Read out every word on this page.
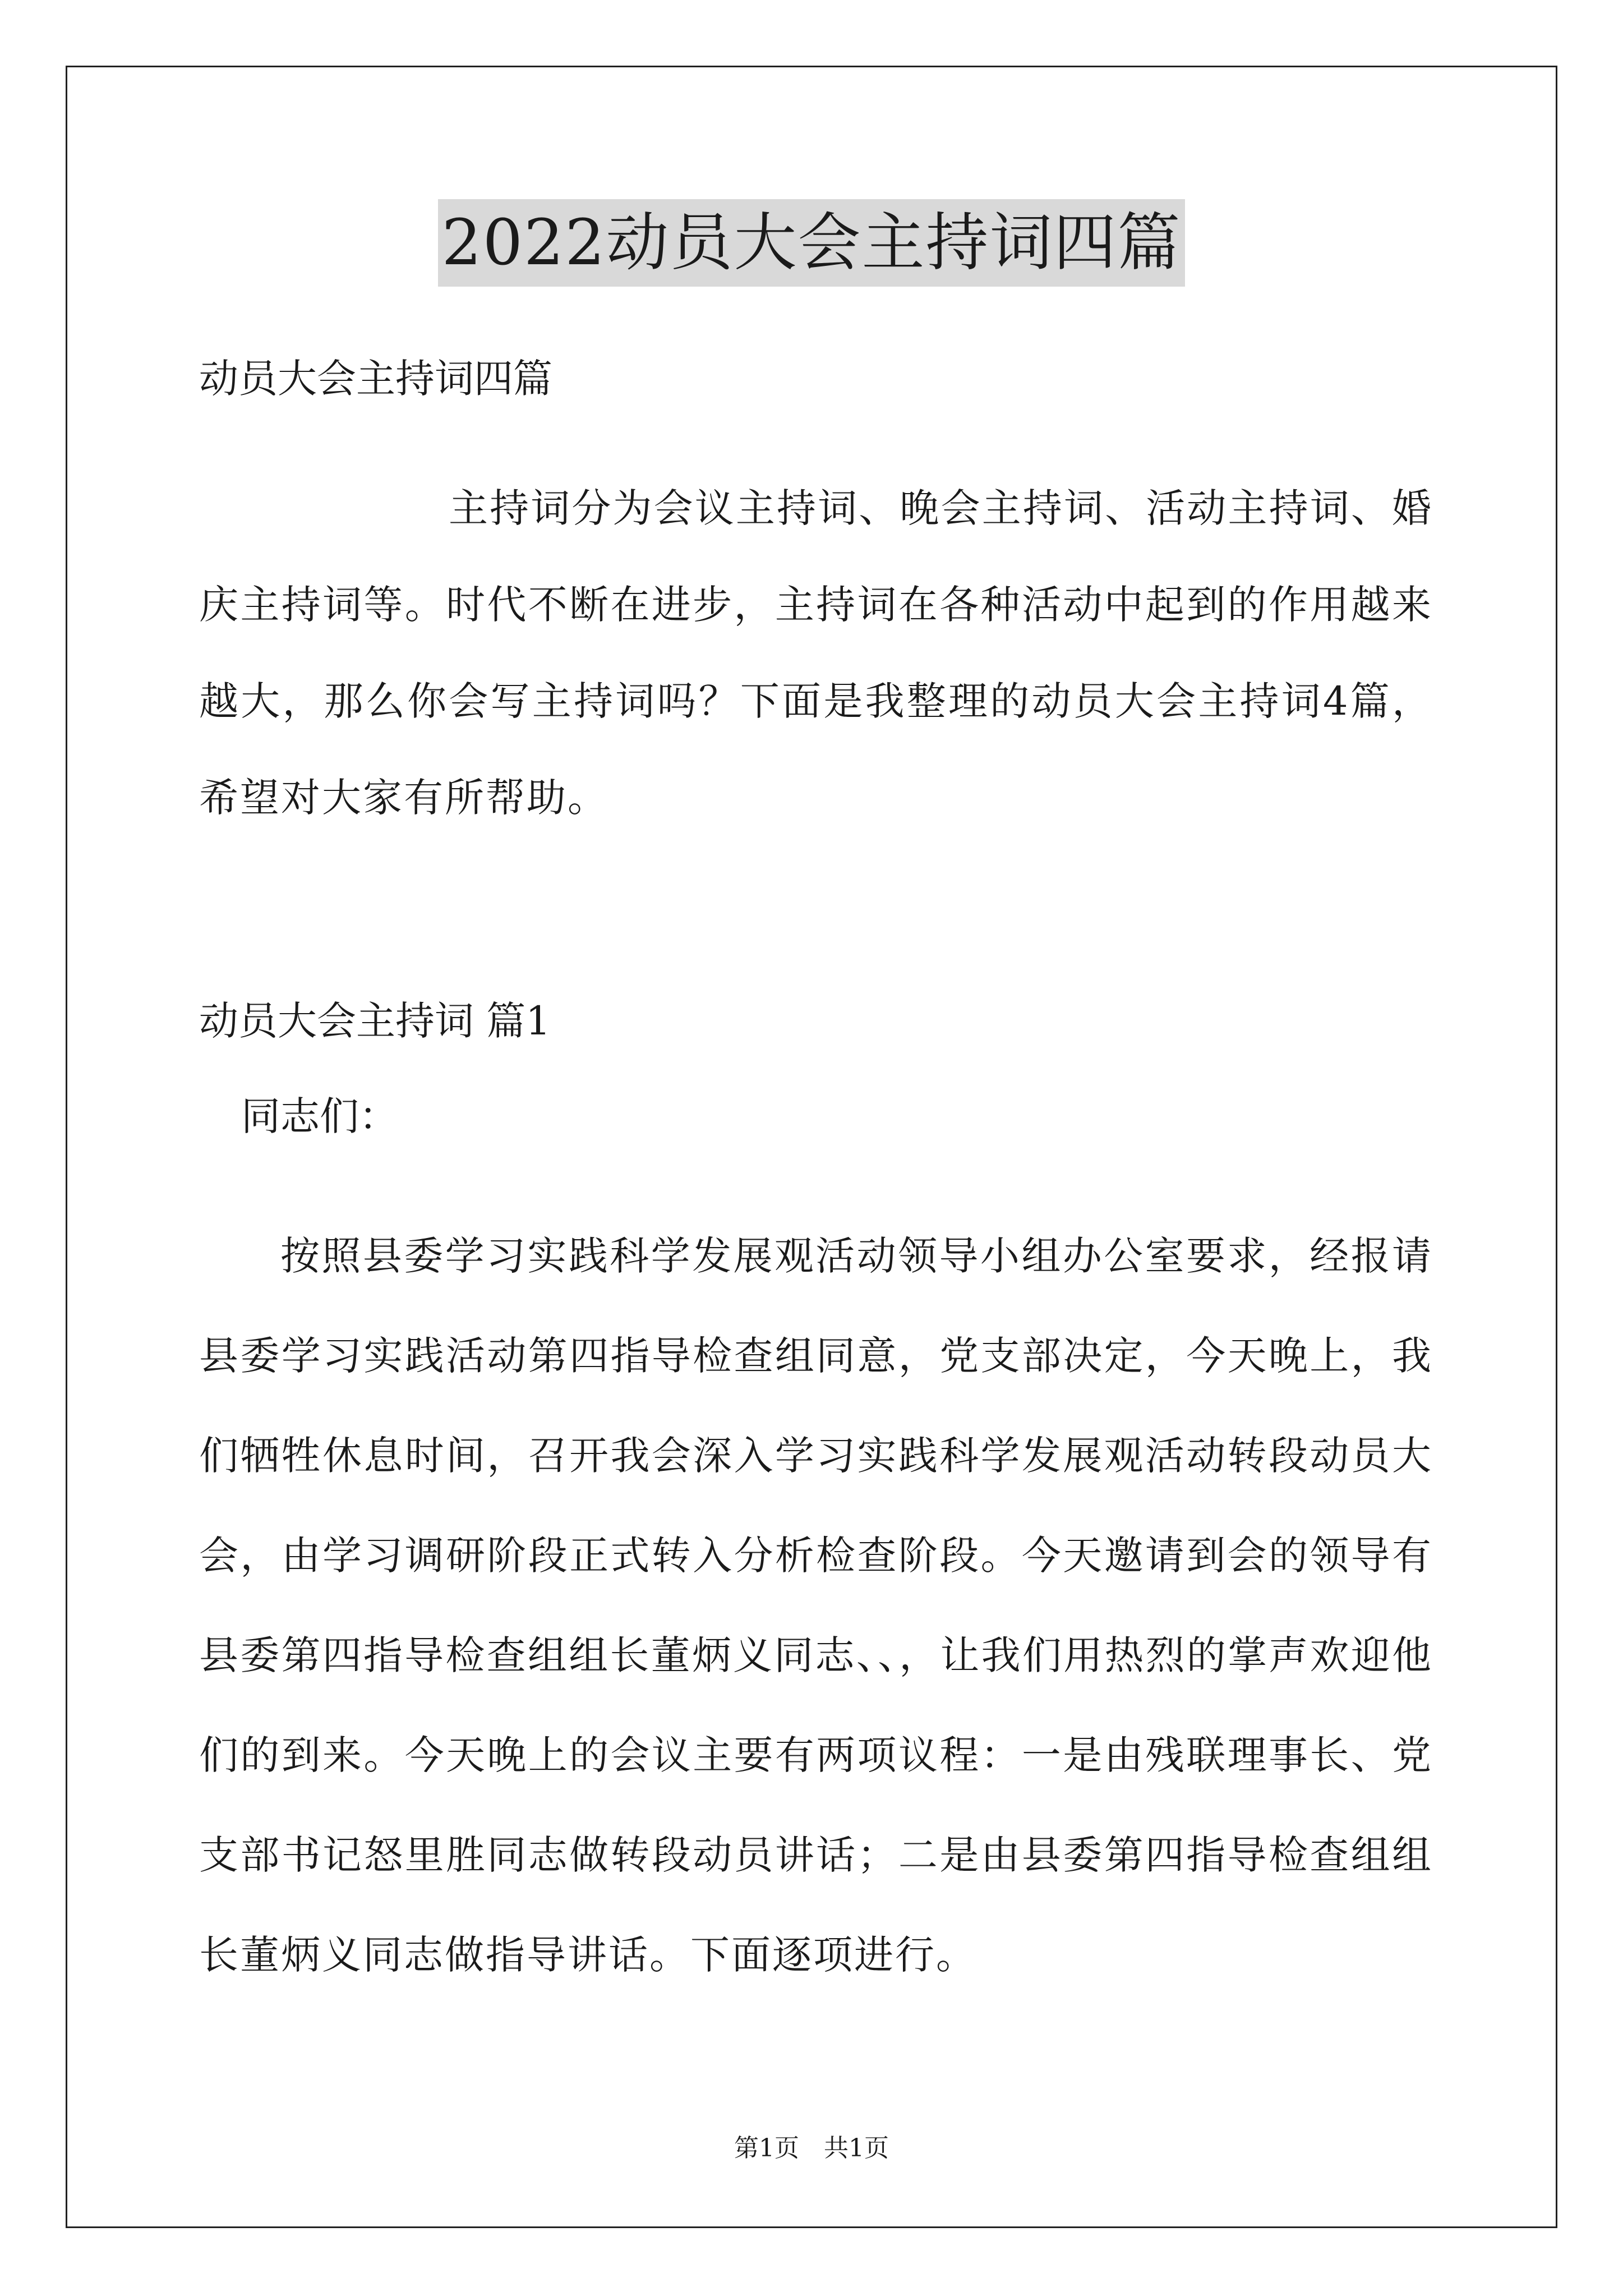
2022动员大会主持词四篇
动员大会主持词四篇

主持词分为会议主持词、晚会主持词、活动主持词、婚庆主持词等。时代不断在进步，主持词在各种活动中起到的作用越来越大，那么你会写主持词吗？下面是我整理的动员大会主持词4篇，希望对大家有所帮助。

动员大会主持词 篇1
同志们：

按照县委学习实践科学发展观活动领导小组办公室要求，经报请县委学习实践活动第四指导检查组同意，党支部决定，今天晚上，我们牺牲休息时间，召开我会深入学习实践科学发展观活动转段动员大会，由学习调研阶段正式转入分析检查阶段。今天邀请到会的领导有县委第四指导检查组组长董炳义同志、、，让我们用热烈的掌声欢迎他们的到来。今天晚上的会议主要有两项议程：一是由残联理事长、党支部书记怒里胜同志做转段动员讲话；二是由县委第四指导检查组组长董炳义同志做指导讲话。下面逐项进行。

第1页　共1页
